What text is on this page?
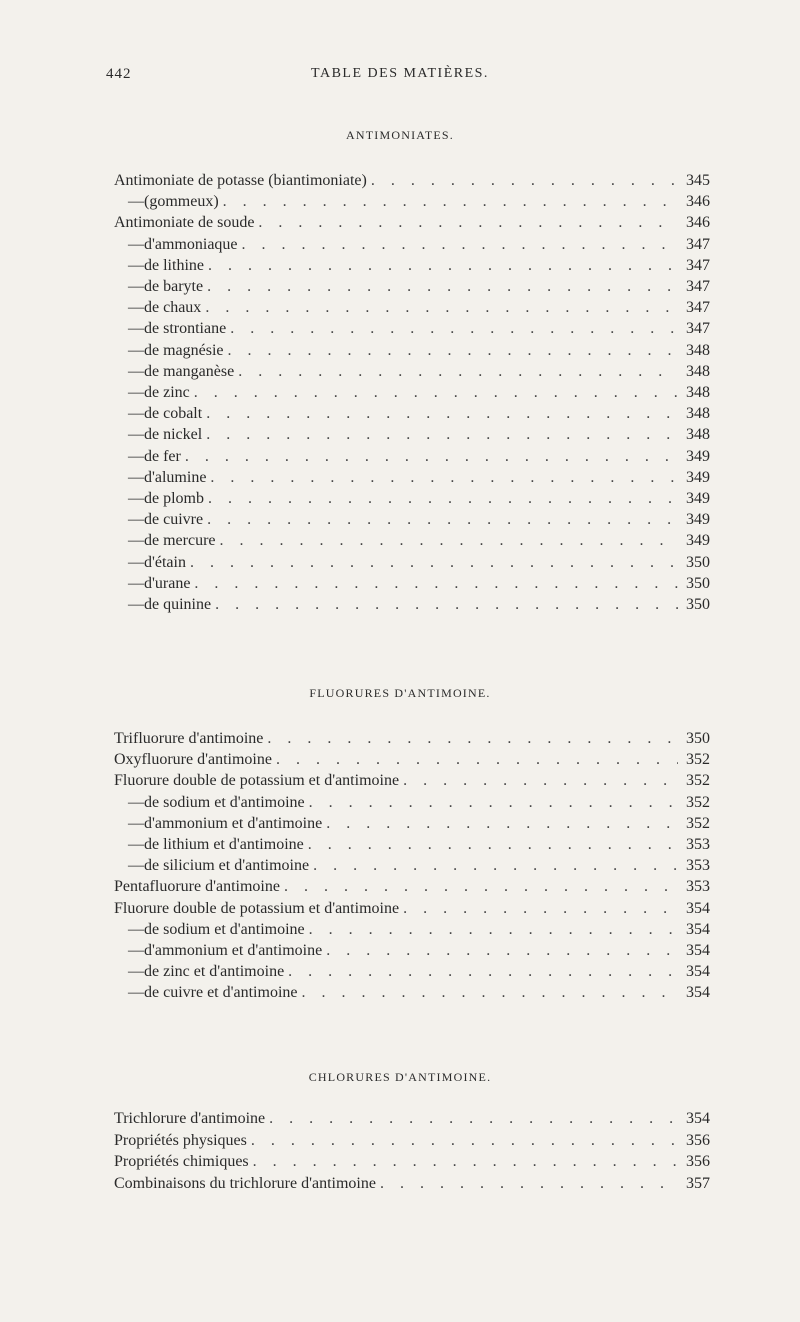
442	TABLE DES MATIÈRES.
ANTIMONIATES.
FLUORURES D'ANTIMOINE.
CHLORURES D'ANTIMOINE.
Antimoniate de potasse (biantimoniate) . . .	345
— (gommeux) . . .	346
Antimoniate de soude . . .	346
— d'ammoniaque . . .	347
— de lithine . . .	347
— de baryte . . .	347
— de chaux . . .	347
— de strontiane . . .	347
— de magnésie . . .	348
— de manganèse . . .	348
— de zinc . . .	348
— de cobalt . . .	348
— de nickel . . .	348
— de fer . . .	349
— d'alumine . . .	349
— de plomb . . .	349
— de cuivre . . .	349
— de mercure . . .	349
— d'étain . . .	350
— d'urane . . .	350
— de quinine . . .	350
Trifluorure d'antimoine . . .	350
Oxyfluorure d'antimoine . . .	352
Fluorure double de potassium et d'antimoine . . .	352
— de sodium et d'antimoine . . .	352
— d'ammonium et d'antimoine . . .	352
— de lithium et d'antimoine . . .	353
— de silicium et d'antimoine . . .	353
Pentafluorure d'antimoine . . .	353
Fluorure double de potassium et d'antimoine . . .	354
— de sodium et d'antimoine . . .	354
— d'ammonium et d'antimoine . . .	354
— de zinc et d'antimoine . . .	354
— de cuivre et d'antimoine . . .	354
Trichlorure d'antimoine . . .	354
Propriétés physiques . . .	356
Propriétés chimiques . . .	356
Combinaisons du trichlorure d'antimoine . . .	357
